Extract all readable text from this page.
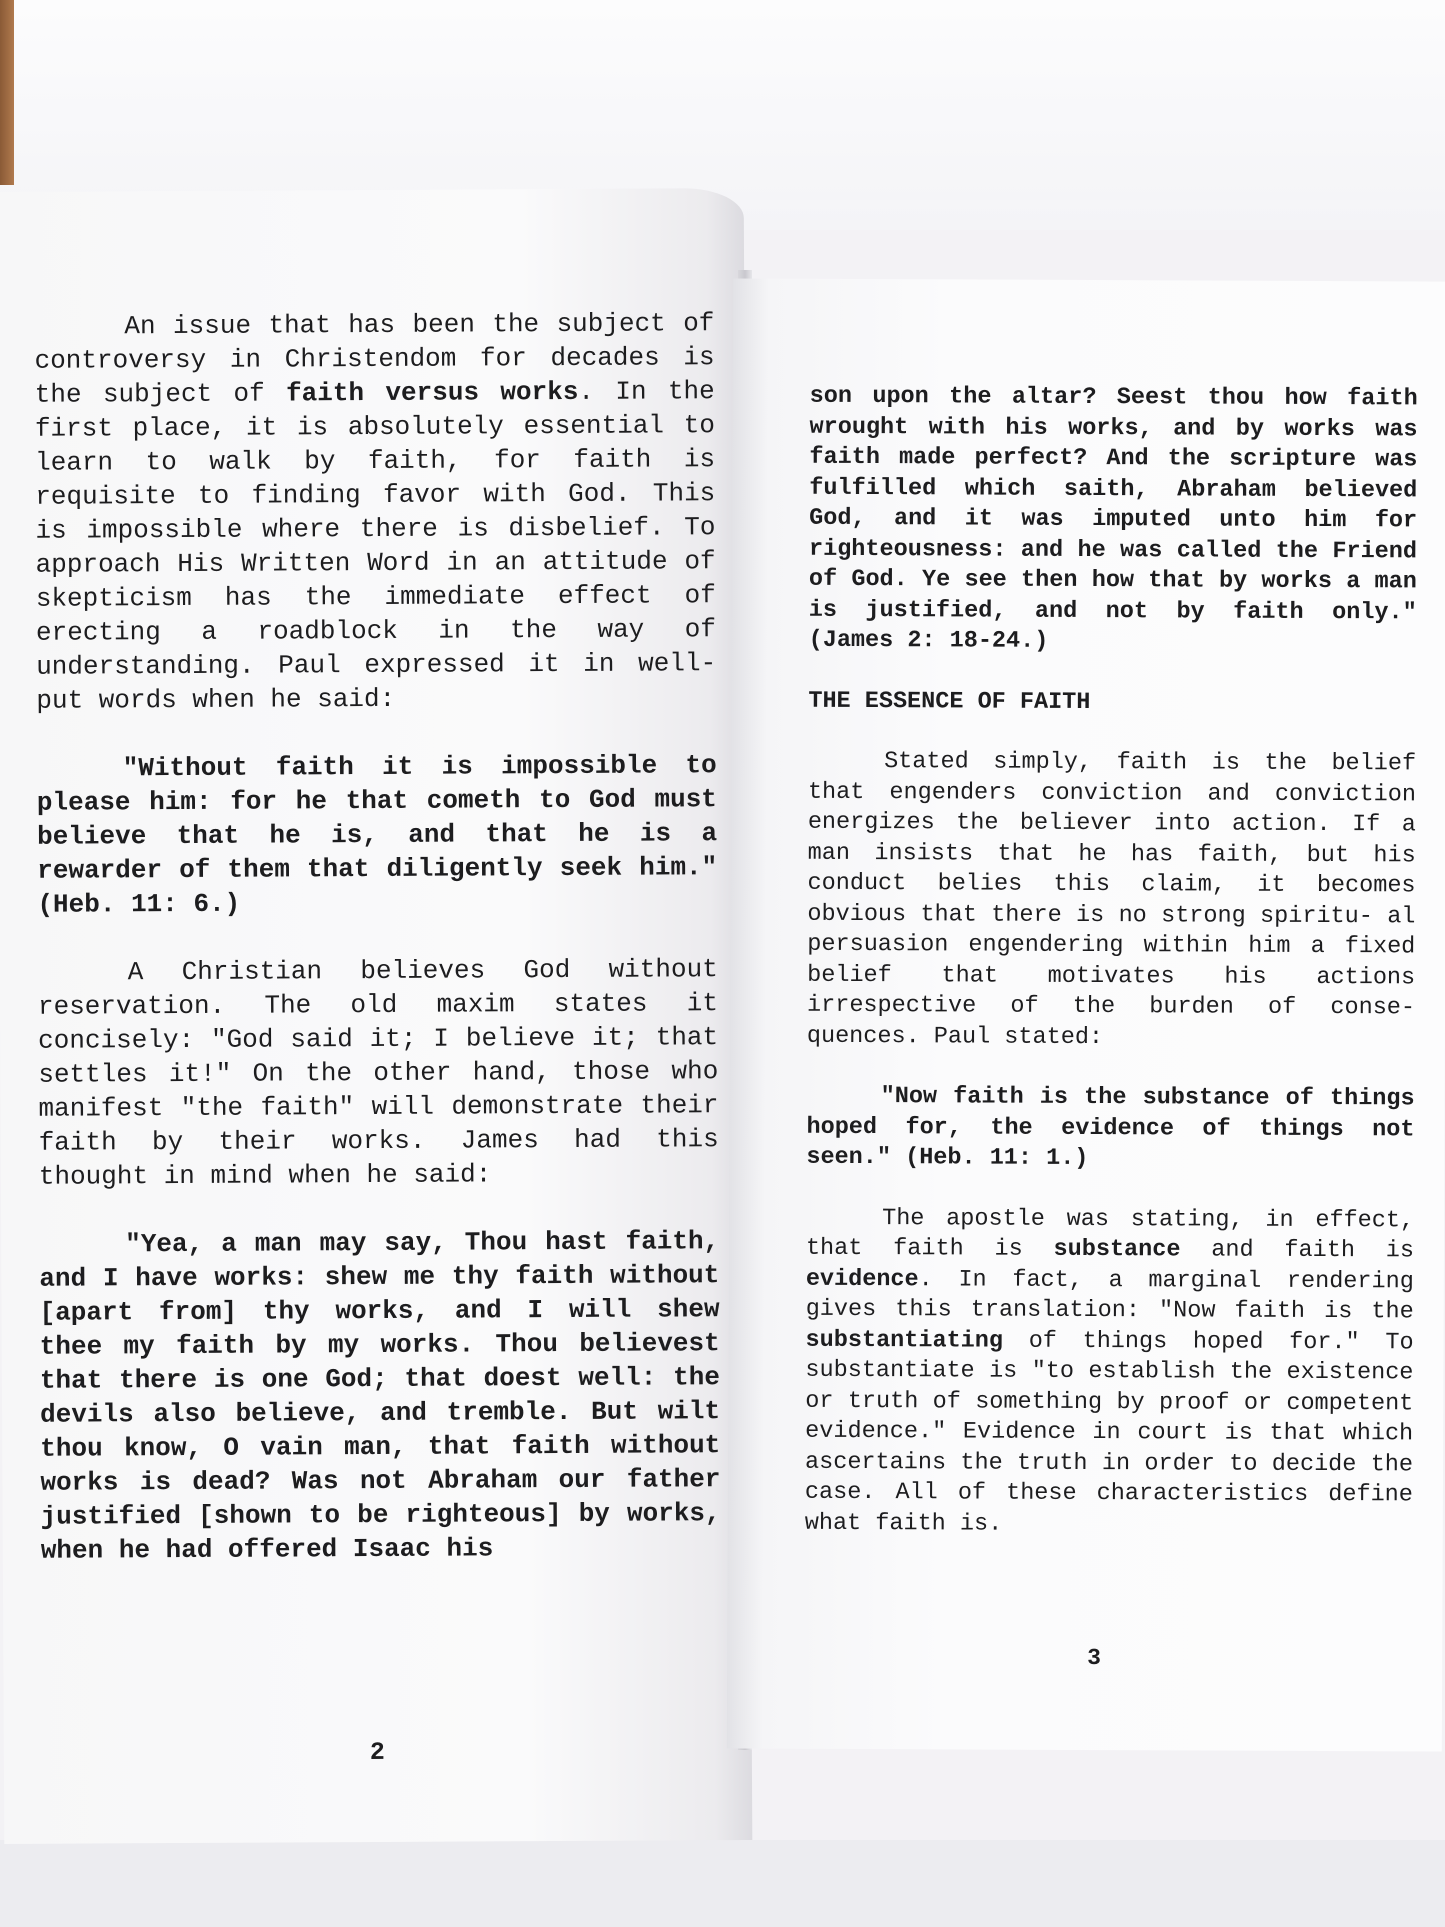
An issue that has been the subject of controversy in Christendom for decades is the subject of faith versus works. In the first place, it is absolutely essential to learn to walk by faith, for faith is requisite to finding favor with God. This is impossible where there is disbelief. To approach His Written Word in an attitude of skepticism has the immediate effect of erecting a roadblock in the way of understanding. Paul expressed it in well-put words when he said:

"Without faith it is impossible to please him: for he that cometh to God must believe that he is, and that he is a rewarder of them that diligently seek him." (Heb. 11: 6.)

A Christian believes God without reservation. The old maxim states it concisely: "God said it; I believe it; that settles it!" On the other hand, those who manifest "the faith" will demonstrate their faith by their works. James had this thought in mind when he said:

"Yea, a man may say, Thou hast faith, and I have works: shew me thy faith without [apart from] thy works, and I will shew thee my faith by my works. Thou believest that there is one God; that doest well: the devils also believe, and tremble. But wilt thou know, O vain man, that faith without works is dead? Was not Abraham our father justified [shown to be righteous] by works, when he had offered Isaac his

2

son upon the altar? Seest thou how faith wrought with his works, and by works was faith made perfect? And the scripture was fulfilled which saith, Abraham believed God, and it was imputed unto him for righteousness: and he was called the Friend of God. Ye see then how that by works a man is justified, and not by faith only." (James 2: 18-24.)

THE ESSENCE OF FAITH

Stated simply, faith is the belief that engenders conviction and conviction energizes the believer into action. If a man insists that he has faith, but his conduct belies this claim, it becomes obvious that there is no strong spiritu- al persuasion engendering within him a fixed belief that motivates his actions irrespective of the burden of conse- quences. Paul stated:

"Now faith is the substance of things hoped for, the evidence of things not seen." (Heb. 11: 1.)

The apostle was stating, in effect, that faith is substance and faith is evidence. In fact, a marginal rendering gives this translation: "Now faith is the substantiating of things hoped for." To substantiate is "to establish the existence or truth of something by proof or competent evidence." Evidence in court is that which ascertains the truth in order to decide the case. All of these characteristics define what faith is.

3
